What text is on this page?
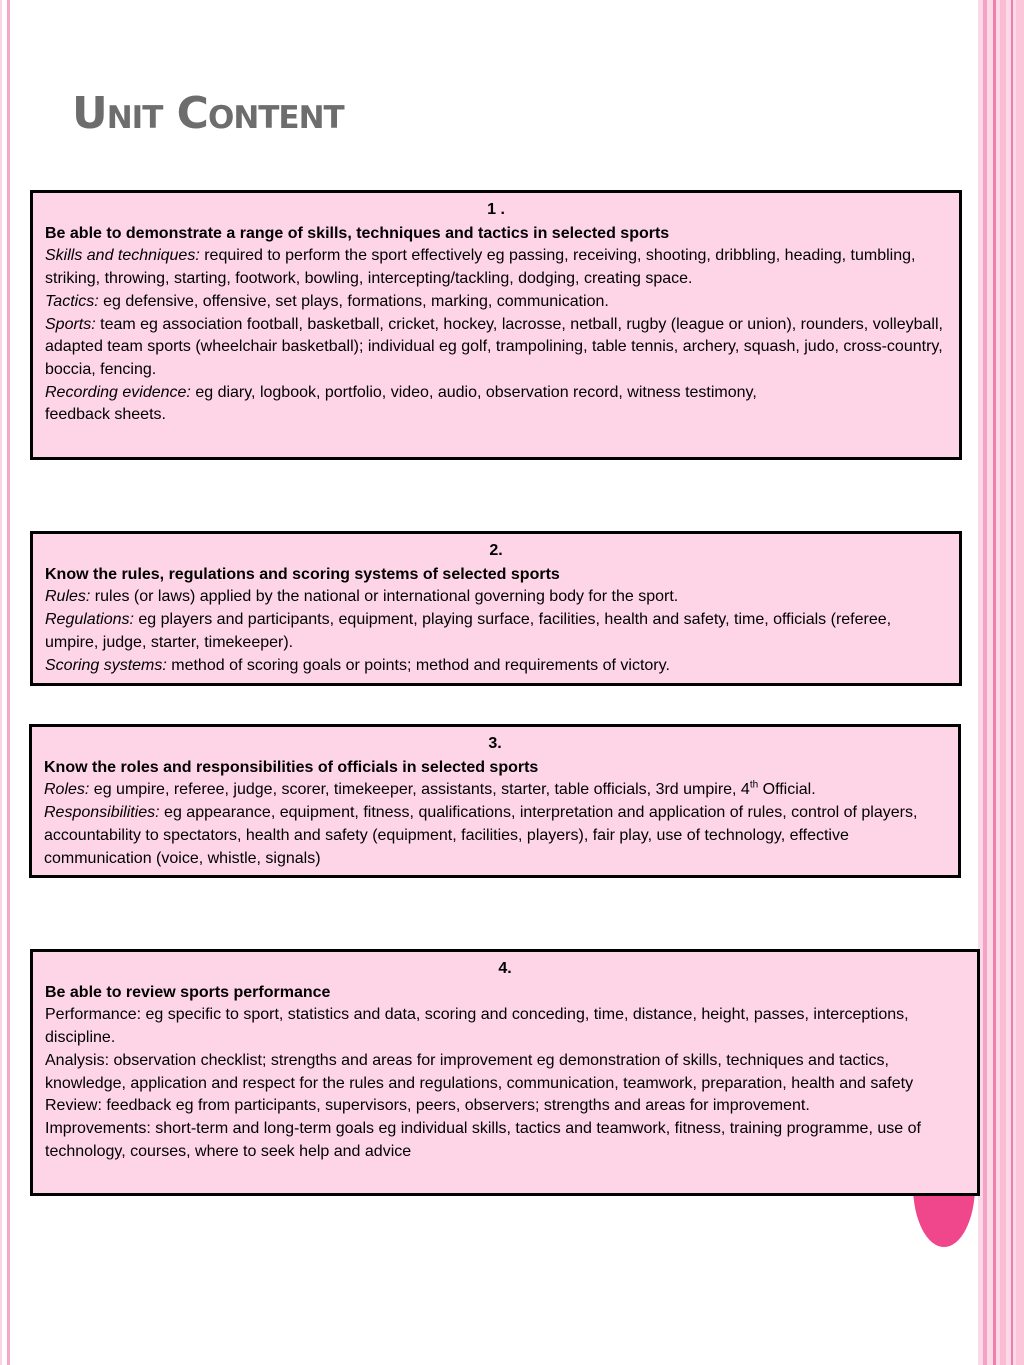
Unit Content
1 .
Be able to demonstrate a range of skills, techniques and tactics in selected sports

Skills and techniques: required to perform the sport effectively eg passing, receiving, shooting, dribbling, heading, tumbling, striking, throwing, starting, footwork, bowling, intercepting/tackling, dodging, creating space.

Tactics: eg defensive, offensive, set plays, formations, marking, communication.

Sports: team eg association football, basketball, cricket, hockey, lacrosse, netball, rugby (league or union), rounders, volleyball, adapted team sports (wheelchair basketball); individual eg golf, trampolining, table tennis, archery, squash, judo, cross-country, boccia, fencing.

Recording evidence: eg diary, logbook, portfolio, video, audio, observation record, witness testimony,
feedback sheets.

2.
Know the rules, regulations and scoring systems of selected sports

Rules: rules (or laws) applied by the national or international governing body for the sport.

Regulations: eg players and participants, equipment, playing surface, facilities, health and safety, time, officials (referee, umpire, judge, starter, timekeeper).

Scoring systems: method of scoring goals or points; method and requirements of victory.

3.
Know the roles and responsibilities of officials in selected sports

Roles: eg umpire, referee, judge, scorer, timekeeper, assistants, starter, table officials, 3rd umpire, 4th Official.

Responsibilities: eg appearance, equipment, fitness, qualifications, interpretation and application of rules, control of players, accountability to spectators, health and safety (equipment, facilities, players), fair play, use of technology, effective communication (voice, whistle, signals)

4.
Be able to review sports performance

Performance: eg specific to sport, statistics and data, scoring and conceding, time, distance, height, passes, interceptions, discipline.

Analysis: observation checklist; strengths and areas for improvement eg demonstration of skills, techniques and tactics, knowledge, application and respect for the rules and regulations, communication, teamwork, preparation, health and safety

Review: feedback eg from participants, supervisors, peers, observers; strengths and areas for improvement.

Improvements: short-term and long-term goals eg individual skills, tactics and teamwork, fitness, training programme, use of technology, courses, where to seek help and advice
